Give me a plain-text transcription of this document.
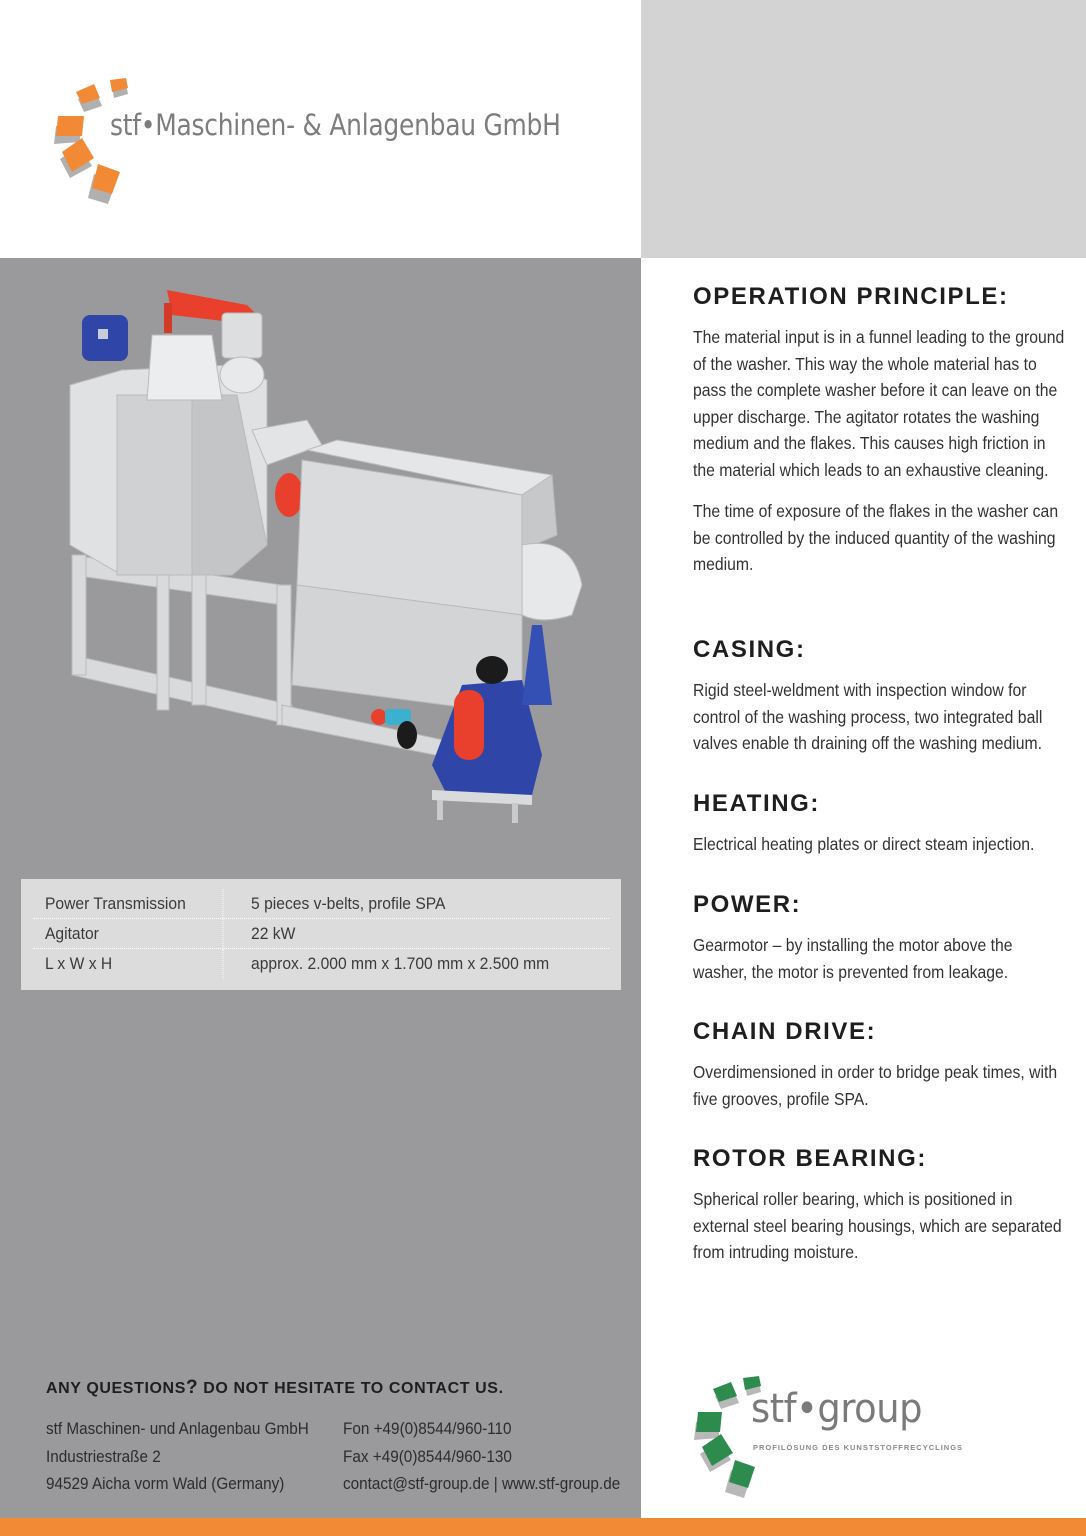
stf•Maschinen- & Anlagenbau GmbH
Power Transmission	5 pieces v-belts, profile SPA
Agitator	22 kW
L x W x H	approx. 2.000 mm x 1.700 mm x 2.500 mm
OPERATION PRINCIPLE:

The material input is in a funnel leading to the ground of the washer. This way the whole material has to pass the complete washer before it can leave on the upper discharge. The agitator rotates the washing medium and the flakes. This causes high friction in the material which leads to an exhaustive cleaning.

The time of exposure of the flakes in the washer can be controlled by the induced quantity of the washing medium.

CASING:

Rigid steel-weldment with inspection window for control of the washing process, two integrated ball valves enable th draining off the washing medium.

HEATING:

Electrical heating plates or direct steam injection.

POWER:

Gearmotor – by installing the motor above the washer, the motor is prevented from leakage.

CHAIN DRIVE:

Overdimensioned in order to bridge peak times, with five grooves, profile SPA.

ROTOR BEARING:

Spherical roller bearing, which is positioned in external steel bearing housings, which are separated from intruding moisture.

ANY QUESTIONS? DO NOT HESITATE TO CONTACT US.
stf Maschinen- und Anlagenbau GmbH
Industriestraße 2
94529 Aicha vorm Wald (Germany)
Fon +49(0)8544/960-110
Fax +49(0)8544/960-130
contact@stf-group.de | www.stf-group.de
stf•group
PROFILÖSUNG DES KUNSTSTOFFRECYCLINGS
